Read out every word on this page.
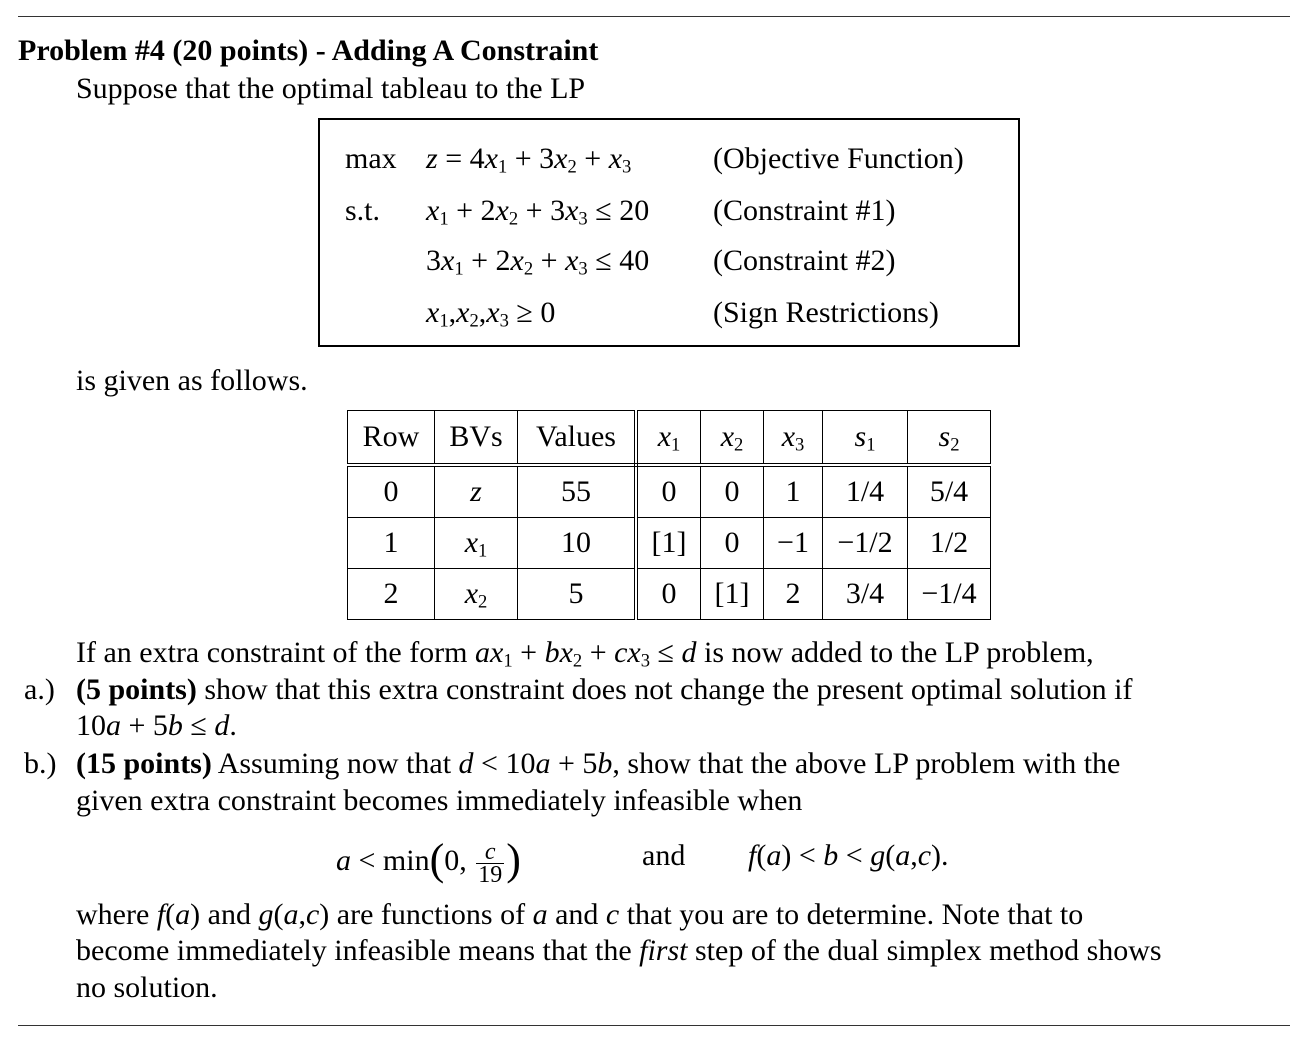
Problem #4 (20 points) - Adding A Constraint
Suppose that the optimal tableau to the LP
$\max z = 4x_1 + 3x_2 + x_3$	(Objective Function)
s.t. $x_1 + 2x_2 + 3x_3 \le 20$ (Constraint #1)
$3x_1 + 2x_2 + x_3 \le 40$ (Constraint #2)
$x_1,x_2,x_3 \ge 0$	(Sign Restrictions)
is given as follows.
Row	BVs	Values	$x_1$	$x_2$	$x_3$	$s_1$	$s_2$
0	z	55	0	0	1	1/4	5/4
1	$x_1$	10	[1]	0	−1	−1/2	1/2
2	$x_2$	5	0	[1]	2	3/4	−1/4
If an extra constraint of the form $ax_1 + bx_2 + cx_3 \le d$ is now added to the LP problem,
a.) (5 points) show that this extra constraint does not change the present optimal solution if
10a + 5b ≤ d.
b.) (15 points) Assuming now that d < 10a + 5b, show that the above LP problem with the
given extra constraint becomes immediately infeasible when
a < min(0, $\frac{c}{19}$ )	and f(a) < b < g(a,c).
where f(a) and g(a,c) are functions of a and c that you are to determine. Note that to
become immediately infeasible means that the first step of the dual simplex method shows
no solution.
